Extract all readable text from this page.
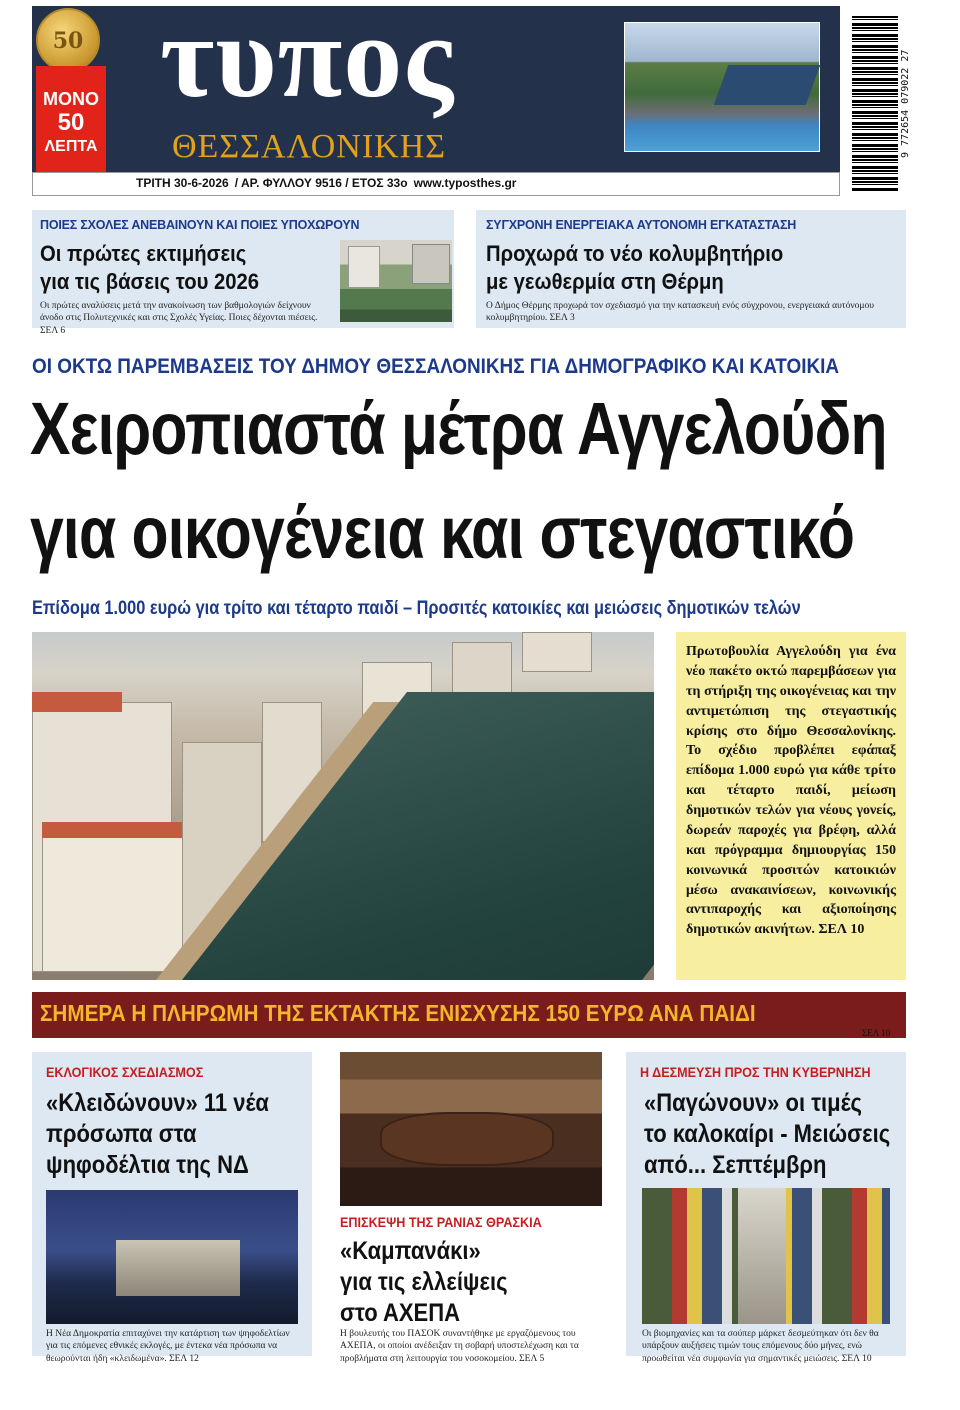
τυπος
ΘΕΣΣΑΛΟΝΙΚΗΣ
50
ΜΟΝΟ
50
ΛΕΠΤΑ
ΤΡΙΤΗ 30-6-2026 / ΑΡ. ΦΥΛΛΟΥ 9516 / ΕΤΟΣ 33ο www.typosthes.gr
9 772654 079022 27
ΠΟΙΕΣ ΣΧΟΛΕΣ ΑΝΕΒΑΙΝΟΥΝ ΚΑΙ ΠΟΙΕΣ ΥΠΟΧΩΡΟΥΝ
Οι πρώτες εκτιμήσεις
για τις βάσεις του 2026
Οι πρώτες αναλύσεις μετά την ανακοίνωση των βαθμολογιών δείχνουν άνοδο στις Πολυτεχνικές και στις Σχολές Υγείας. Ποιες δέχονται πιέσεις. ΣΕΛ 6
ΣΥΓΧΡΟΝΗ ΕΝΕΡΓΕΙΑΚΑ ΑΥΤΟΝΟΜΗ ΕΓΚΑΤΑΣΤΑΣΗ
Προχωρά το νέο κολυμβητήριο
με γεωθερμία στη Θέρμη
Ο Δήμος Θέρμης προχωρά τον σχεδιασμό για την κατασκευή ενός σύγχρονου, ενεργειακά αυτόνομου κολυμβητηρίου. ΣΕΛ 3
ΟΙ ΟΚΤΩ ΠΑΡΕΜΒΑΣΕΙΣ ΤΟΥ ΔΗΜΟΥ ΘΕΣΣΑΛΟΝΙΚΗΣ ΓΙΑ ΔΗΜΟΓΡΑΦΙΚΟ ΚΑΙ ΚΑΤΟΙΚΙΑ
Χειροπιαστά μέτρα Αγγελούδη
για οικογένεια και στεγαστικό
Επίδομα 1.000 ευρώ για τρίτο και τέταρτο παιδί – Προσιτές κατοικίες και μειώσεις δημοτικών τελών
Πρωτοβουλία Αγγελούδη για ένα νέο πακέτο οκτώ παρεμβάσεων για τη στήριξη της οικογένειας και την αντιμετώπιση της στεγαστικής κρίσης στο δήμο Θεσσαλονίκης. Το σχέδιο προβλέπει εφάπαξ επίδομα 1.000 ευρώ για κάθε τρίτο και τέταρτο παιδί, μείωση δημοτικών τελών για νέους γονείς, δωρεάν παροχές για βρέφη, αλλά και πρόγραμμα δημιουργίας 150 κοινωνικά προσιτών κατοικιών μέσω ανακαινίσεων, κοινωνικής αντιπαροχής και αξιοποίησης δημοτικών ακινήτων. ΣΕΛ 10
ΣΗΜΕΡΑ Η ΠΛΗΡΩΜΗ ΤΗΣ ΕΚΤΑΚΤΗΣ ΕΝΙΣΧΥΣΗΣ 150 ΕΥΡΩ ΑΝΑ ΠΑΙΔΙ
ΣΕΛ 10
ΕΚΛΟΓΙΚΟΣ ΣΧΕΔΙΑΣΜΟΣ
«Κλειδώνουν» 11 νέα
πρόσωπα στα
ψηφοδέλτια της ΝΔ
Η Νέα Δημοκρατία επιταχύνει την κατάρτιση των ψηφοδελτίων για τις επόμενες εθνικές εκλογές, με έντεκα νέα πρόσωπα να θεωρούνται ήδη «κλειδωμένα». ΣΕΛ 12
ΕΠΙΣΚΕΨΗ ΤΗΣ ΡΑΝΙΑΣ ΘΡΑΣΚΙΑ
«Καμπανάκι»
για τις ελλείψεις
στο ΑΧΕΠΑ
Η βουλευτής του ΠΑΣΟΚ συναντήθηκε με εργαζόμενους του ΑΧΕΠΑ, οι οποίοι ανέδειξαν τη σοβαρή υποστελέχωση και τα προβλήματα στη λειτουργία του νοσοκομείου. ΣΕΛ 5
Η ΔΕΣΜΕΥΣΗ ΠΡΟΣ ΤΗΝ ΚΥΒΕΡΝΗΣΗ
«Παγώνουν» οι τιμές
το καλοκαίρι - Μειώσεις
από... Σεπτέμβρη
Οι βιομηχανίες και τα σούπερ μάρκετ δεσμεύτηκαν ότι δεν θα υπάρξουν αυξήσεις τιμών τους επόμενους δύο μήνες, ενώ προωθείται νέα συμφωνία για σημαντικές μειώσεις. ΣΕΛ 10
